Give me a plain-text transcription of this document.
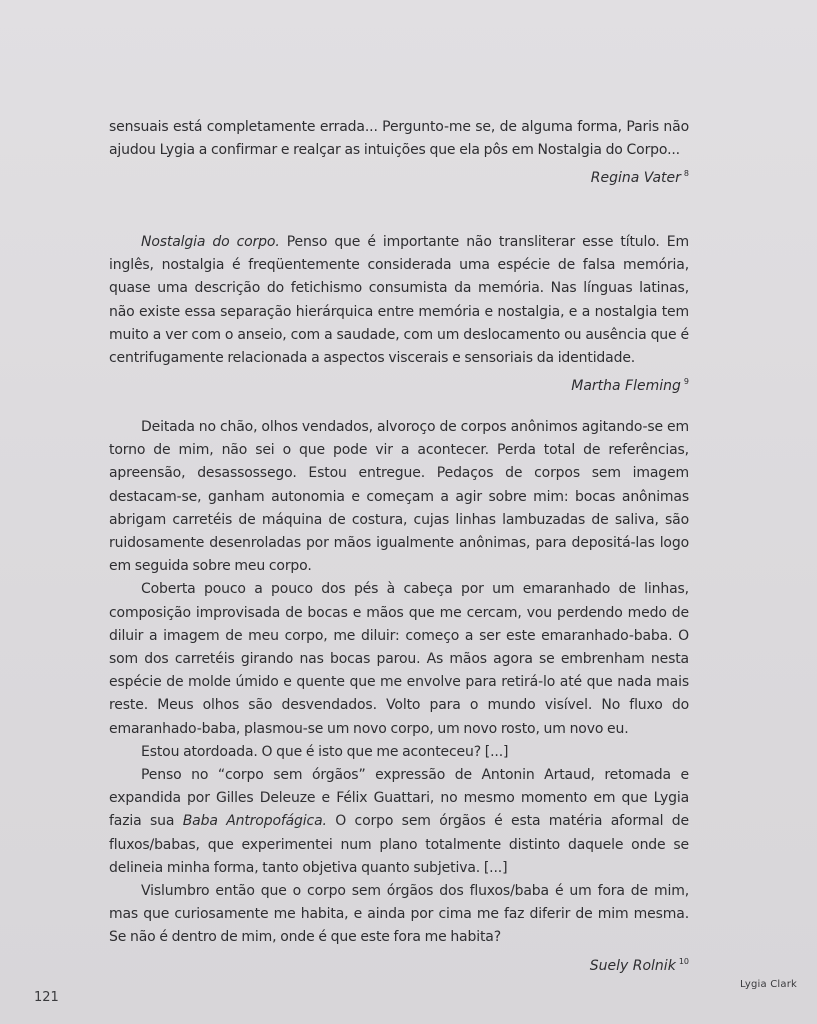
sensuais está completamente errada... Pergunto-me se, de alguma forma, Paris não ajudou Lygia a confirmar e realçar as intuições que ela pôs em Nostalgia do Corpo...

Regina Vater $^8$

Nostalgia do corpo. Penso que é importante não transliterar esse título. Em inglês, nostalgia é freqüentemente considerada uma espécie de falsa memória, quase uma descrição do fetichismo consumista da memória. Nas línguas latinas, não existe essa separação hierárquica entre memória e nostalgia, e a nostalgia tem muito a ver com o anseio, com a saudade, com um deslocamento ou ausência que é centrifugamente relacionada a aspectos viscerais e sensoriais da identidade.

Martha Fleming $^9$

Deitada no chão, olhos vendados, alvoroço de corpos anônimos agitando-se em torno de mim, não sei o que pode vir a acontecer. Perda total de referências, apreensão, desassossego. Estou entregue. Pedaços de corpos sem imagem destacam-se, ganham autonomia e começam a agir sobre mim: bocas anônimas abrigam carretéis de máquina de costura, cujas linhas lambuzadas de saliva, são ruidosamente desenroladas por mãos igualmente anônimas, para depositá-las logo em seguida sobre meu corpo.

Coberta pouco a pouco dos pés à cabeça por um emaranhado de linhas, composição improvisada de bocas e mãos que me cercam, vou perdendo medo de diluir a imagem de meu corpo, me diluir: começo a ser este emaranhado-baba. O som dos carretéis girando nas bocas parou. As mãos agora se embrenham nesta espécie de molde úmido e quente que me envolve para retirá-lo até que nada mais reste. Meus olhos são desvendados. Volto para o mundo visível. No fluxo do emaranhado-baba, plasmou-se um novo corpo, um novo rosto, um novo eu.

Estou atordoada. O que é isto que me aconteceu? [...]

Penso no “corpo sem órgãos” expressão de Antonin Artaud, retomada e expandida por Gilles Deleuze e Félix Guattari, no mesmo momento em que Lygia fazia sua Baba Antropofágica. O corpo sem órgãos é esta matéria aformal de fluxos/babas, que experimentei num plano totalmente distinto daquele onde se delineia minha forma, tanto objetiva quanto subjetiva. [...]

Vislumbro então que o corpo sem órgãos dos fluxos/baba é um fora de mim, mas que curiosamente me habita, e ainda por cima me faz diferir de mim mesma. Se não é dentro de mim, onde é que este fora me habita?

Suely Rolnik $^{10}$
121
Lygia Clark
